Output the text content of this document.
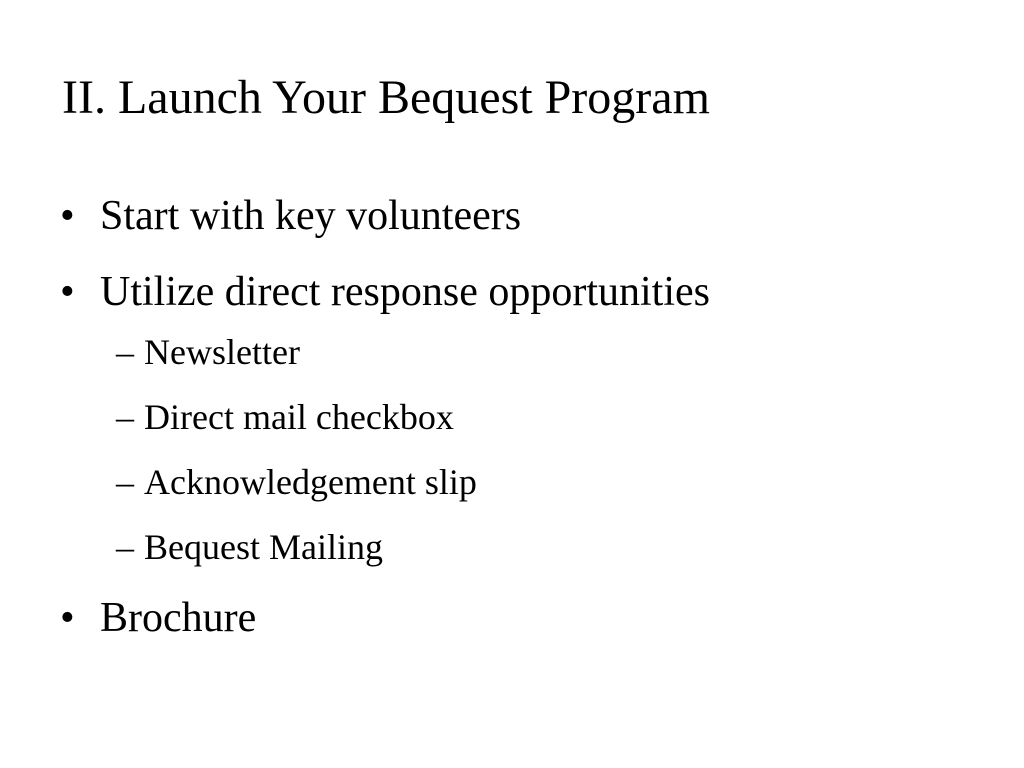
II. Launch Your Bequest Program
• Start with key volunteers
• Utilize direct response opportunities
– Newsletter
– Direct mail checkbox
– Acknowledgement slip
– Bequest Mailing
• Brochure
